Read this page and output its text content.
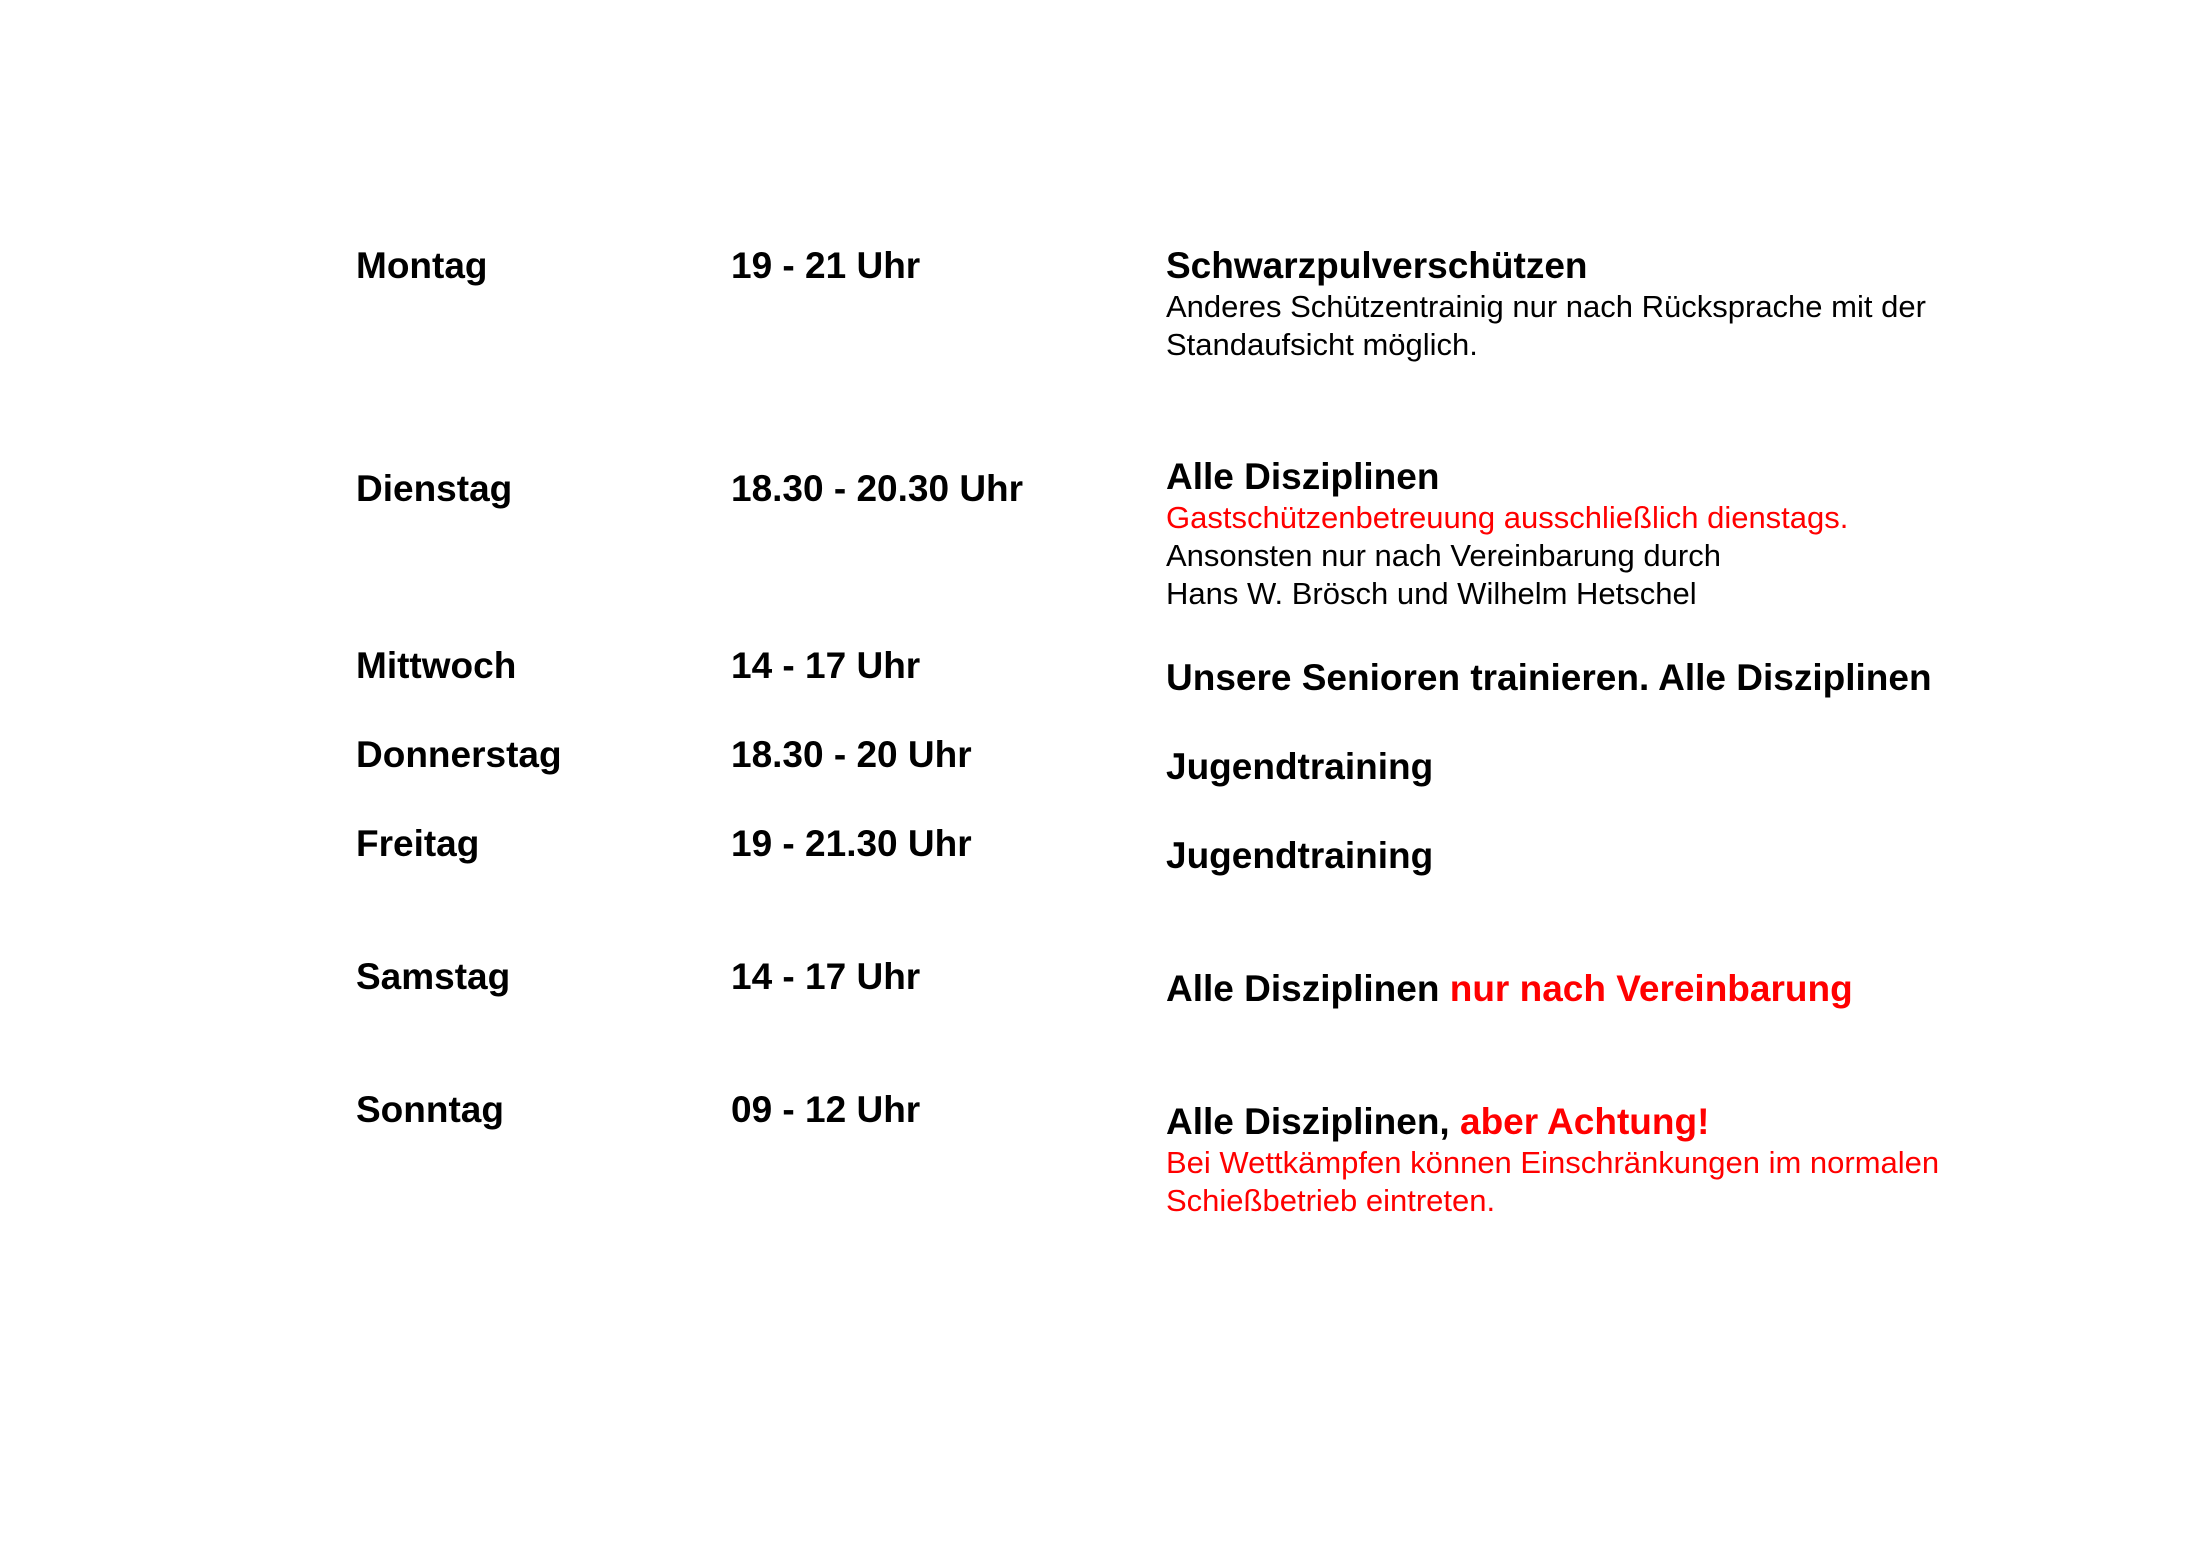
Montag	19 - 21 Uhr	Schwarzpulverschützen
Anderes Schützentrainig nur nach Rücksprache mit der
Standaufsicht möglich.
Dienstag	18.30 - 20.30 Uhr	Alle Disziplinen
Gastschützenbetreuung ausschließlich dienstags.
Ansonsten nur nach Vereinbarung durch
Hans W. Brösch und Wilhelm Hetschel
Mittwoch	14 - 17 Uhr	Unsere Senioren trainieren. Alle Disziplinen
Donnerstag	18.30 - 20 Uhr	Jugendtraining
Freitag	19 - 21.30 Uhr	Jugendtraining
Samstag	14 - 17 Uhr	Alle Disziplinen nur nach Vereinbarung
Sonntag	09 - 12 Uhr	Alle Disziplinen, aber Achtung!
Bei Wettkämpfen können Einschränkungen im normalen
Schießbetrieb eintreten.
